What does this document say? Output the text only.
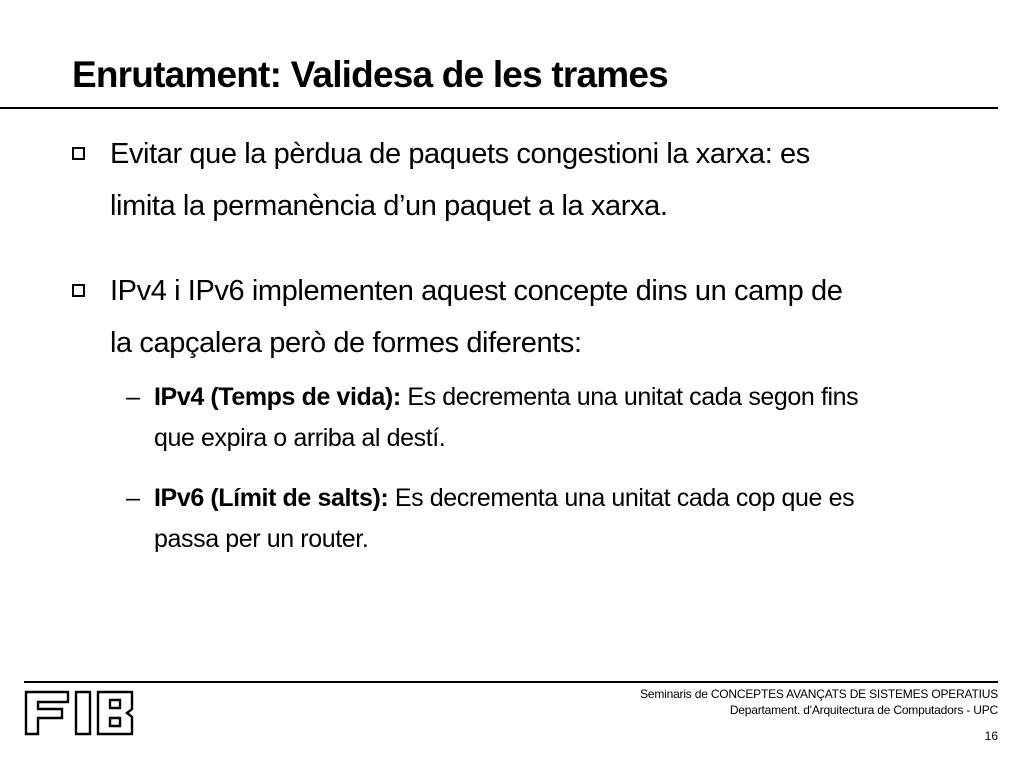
Enrutament: Validesa de les trames

Evitar que la pèrdua de paquets congestioni la xarxa: es
limita la permanència d’un paquet a la xarxa.

IPv4 i IPv6 implementen aquest concepte dins un camp de
la capçalera però de formes diferents:

– IPv4 (Temps de vida): Es decrementa una unitat cada segon fins
que expira o arriba al destí.

– IPv6 (Límit de salts): Es decrementa una unitat cada cop que es
passa per un router.

Seminaris de CONCEPTES AVANÇATS DE SISTEMES OPERATIUS
Departament. d'Arquitectura de Computadors - UPC
16
